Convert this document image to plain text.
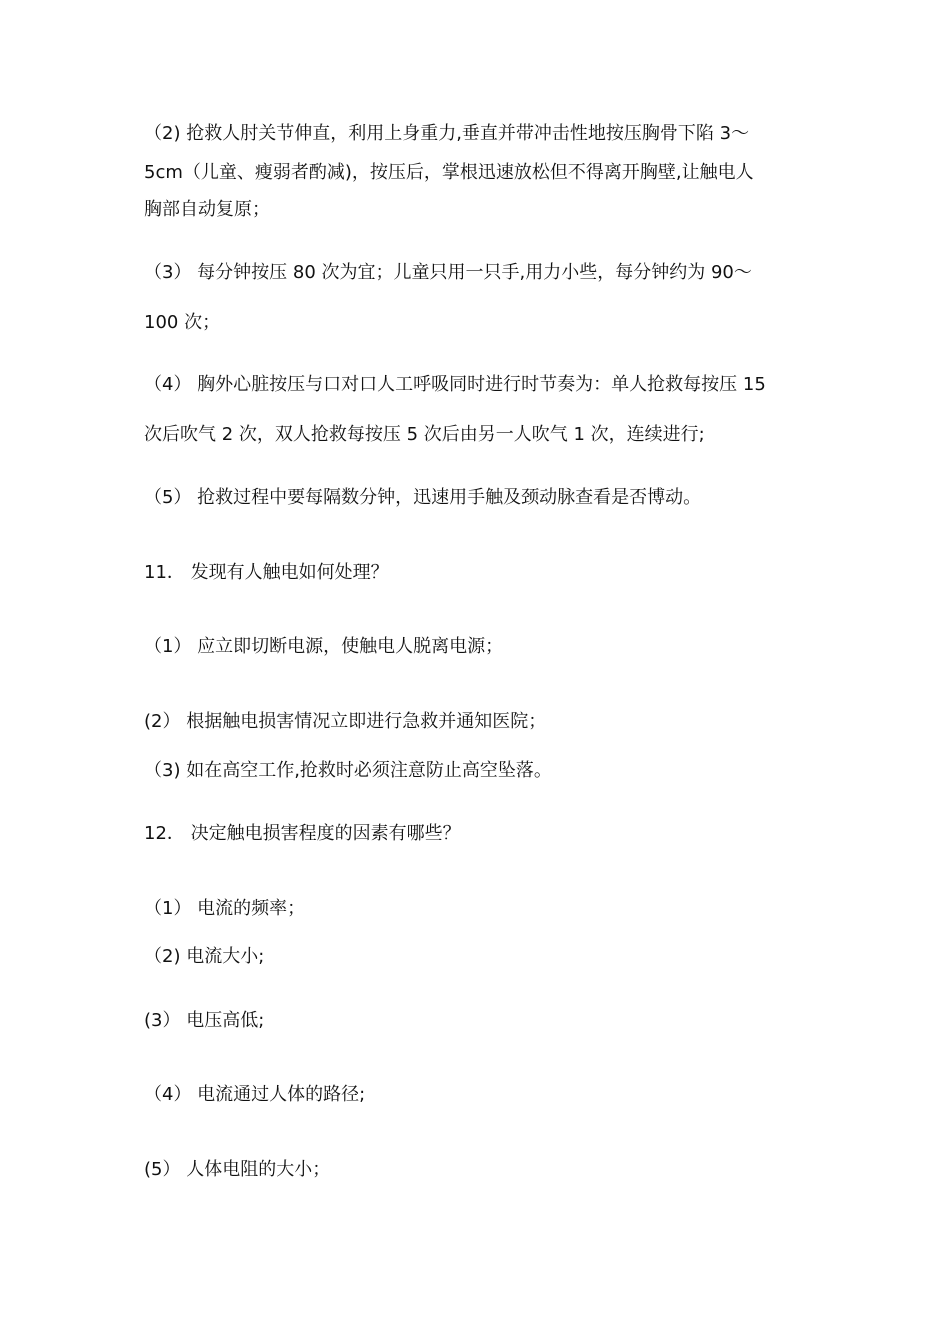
（2) 抢救人肘关节伸直，利用上身重力,垂直并带冲击性地按压胸骨下陷 3～

5cm（儿童、瘦弱者酌减)，按压后，掌根迅速放松但不得离开胸壁,让触电人

胸部自动复原；

（3） 每分钟按压 80 次为宜；儿童只用一只手,用力小些，每分钟约为 90～

100 次；

（4） 胸外心脏按压与口对口人工呼吸同时进行时节奏为：单人抢救每按压 15

次后吹气 2 次，双人抢救每按压 5 次后由另一人吹气 1 次，连续进行;

（5） 抢救过程中要每隔数分钟，迅速用手触及颈动脉查看是否博动。

11． 发现有人触电如何处理？

（1） 应立即切断电源，使触电人脱离电源；

(2） 根据触电损害情况立即进行急救并通知医院；

（3) 如在高空工作,抢救时必须注意防止高空坠落。

12． 决定触电损害程度的因素有哪些？

（1） 电流的频率；

（2) 电流大小;

(3） 电压高低;

（4） 电流通过人体的路径;

(5） 人体电阻的大小；
